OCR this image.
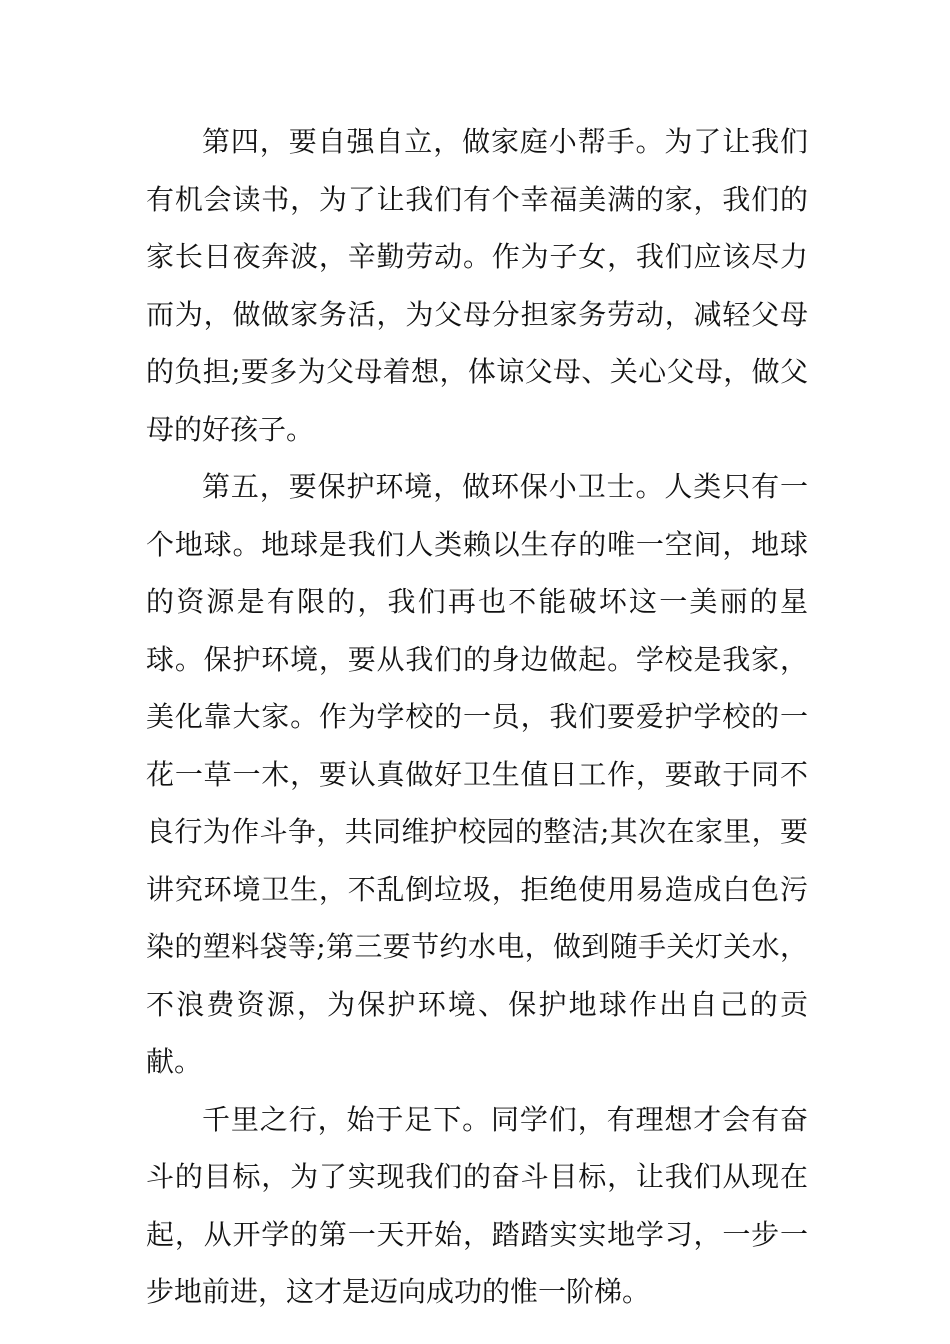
第四，要自强自立，做家庭小帮手。为了让我们有机会读书，为了让我们有个幸福美满的家，我们的家长日夜奔波，辛勤劳动。作为子女，我们应该尽力而为，做做家务活，为父母分担家务劳动，减轻父母的负担;要多为父母着想，体谅父母、关心父母，做父母的好孩子。

第五，要保护环境，做环保小卫士。人类只有一个地球。地球是我们人类赖以生存的唯一空间，地球的资源是有限的，我们再也不能破坏这一美丽的星球。保护环境，要从我们的身边做起。学校是我家，美化靠大家。作为学校的一员，我们要爱护学校的一花一草一木，要认真做好卫生值日工作，要敢于同不良行为作斗争，共同维护校园的整洁;其次在家里，要讲究环境卫生，不乱倒垃圾，拒绝使用易造成白色污染的塑料袋等;第三要节约水电，做到随手关灯关水，不浪费资源，为保护环境、保护地球作出自己的贡献。

千里之行，始于足下。同学们，有理想才会有奋斗的目标，为了实现我们的奋斗目标，让我们从现在起，从开学的第一天开始，踏踏实实地学习，一步一步地前进，这才是迈向成功的惟一阶梯。
